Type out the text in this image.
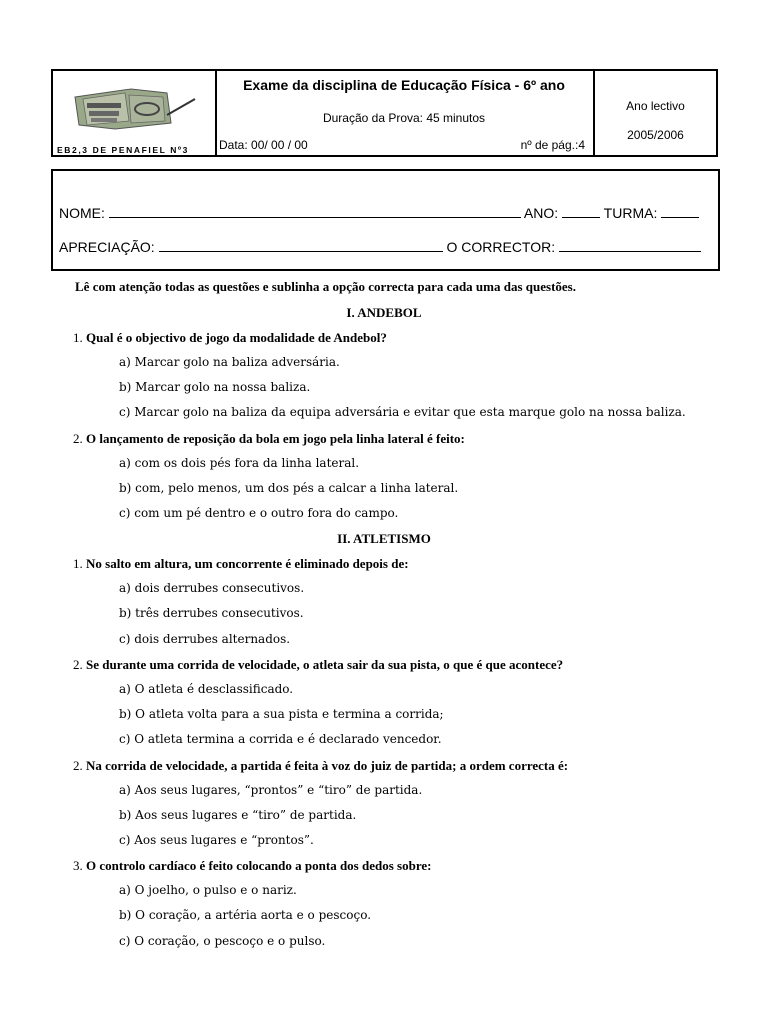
EB2,3 DE PENAFIEL Nº3
Exame da disciplina de Educação Física - 6º ano
Duração da Prova: 45 minutos
Data: 00/ 00 / 00	nº de pág.:4
Ano lectivo
2005/2006
NOME:	ANO:	TURMA:
APRECIAÇÃO:	O CORRECTOR:
Lê com atenção todas as questões e sublinha a opção correcta para cada uma das questões.
I. ANDEBOL
1. Qual é o objectivo de jogo da modalidade de Andebol?
a) Marcar golo na baliza adversária.
b) Marcar golo na nossa baliza.
c) Marcar golo na baliza da equipa adversária e evitar que esta marque golo na nossa baliza.
2. O lançamento de reposição da bola em jogo pela linha lateral é feito:
a) com os dois pés fora da linha lateral.
b) com, pelo menos, um dos pés a calcar a linha lateral.
c) com um pé dentro e o outro fora do campo.
II. ATLETISMO
1. No salto em altura, um concorrente é eliminado depois de:
a) dois derrubes consecutivos.
b) três derrubes consecutivos.
c) dois derrubes alternados.
2. Se durante uma corrida de velocidade, o atleta sair da sua pista, o que é que acontece?
a) O atleta é desclassificado.
b) O atleta volta para a sua pista e termina a corrida;
c) O atleta termina a corrida e é declarado vencedor.
2. Na corrida de velocidade, a partida é feita à voz do juiz de partida; a ordem correcta é:
a) Aos seus lugares, “prontos” e “tiro” de partida.
b) Aos seus lugares e “tiro” de partida.
c) Aos seus lugares e “prontos”.
3. O controlo cardíaco é feito colocando a ponta dos dedos sobre:
a) O joelho, o pulso e o nariz.
b) O coração, a artéria aorta e o pescoço.
c) O coração, o pescoço e o pulso.
